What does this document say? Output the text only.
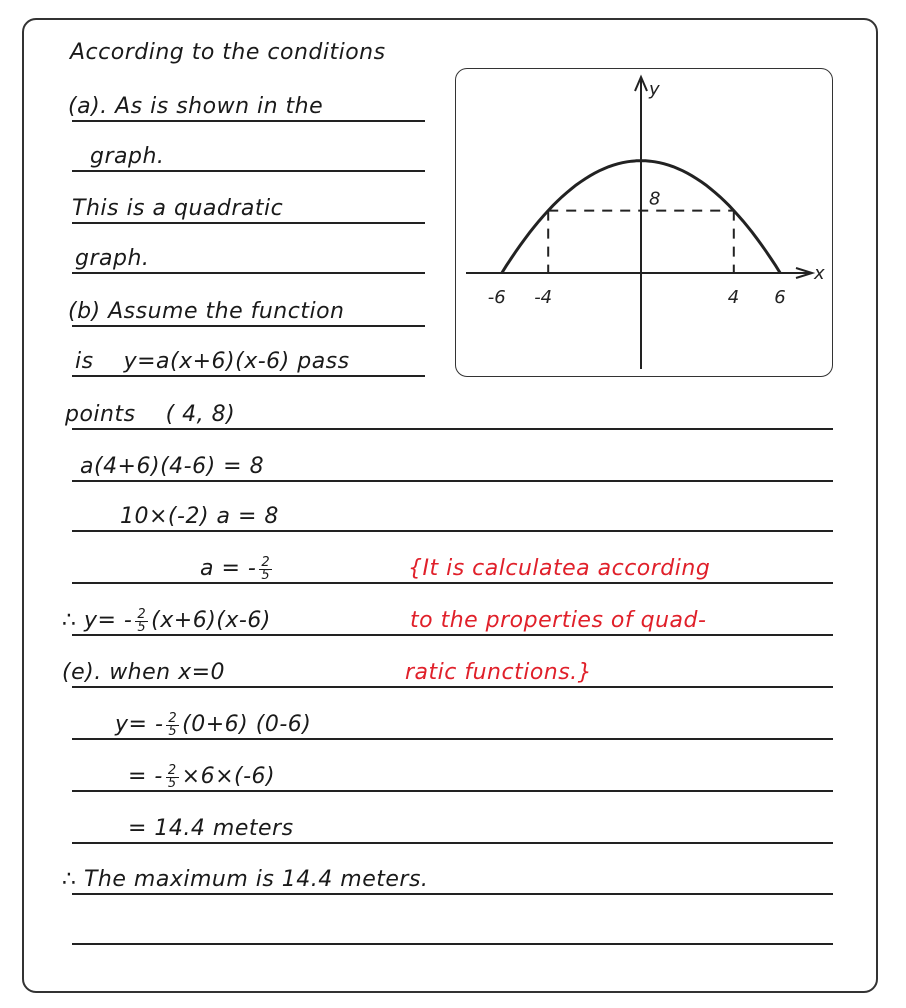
According to the conditions
(a). As is shown in the
graph.
This is a quadratic
graph.
(b) Assume the function
is y=a(x+6)(x-6) pass
points ( 4, 8)
a(4+6)(4-6) = 8
10×(-2) a = 8
a = - $\frac{2}{5}$
∴ $y= - \frac{2}{5} (x+6)(x-6)$
(e). when x=0
$y= - \frac{2}{5} (0+6)$ (0-6)
= - $\frac{2}{5} \times 6\times(-6)$
= 14.4 meters
∴ The maximum is 14.4 meters.
{It is calculatea according
to the properties of quad-
ratic functions.}
x
y
8
-6 -4	4 6
